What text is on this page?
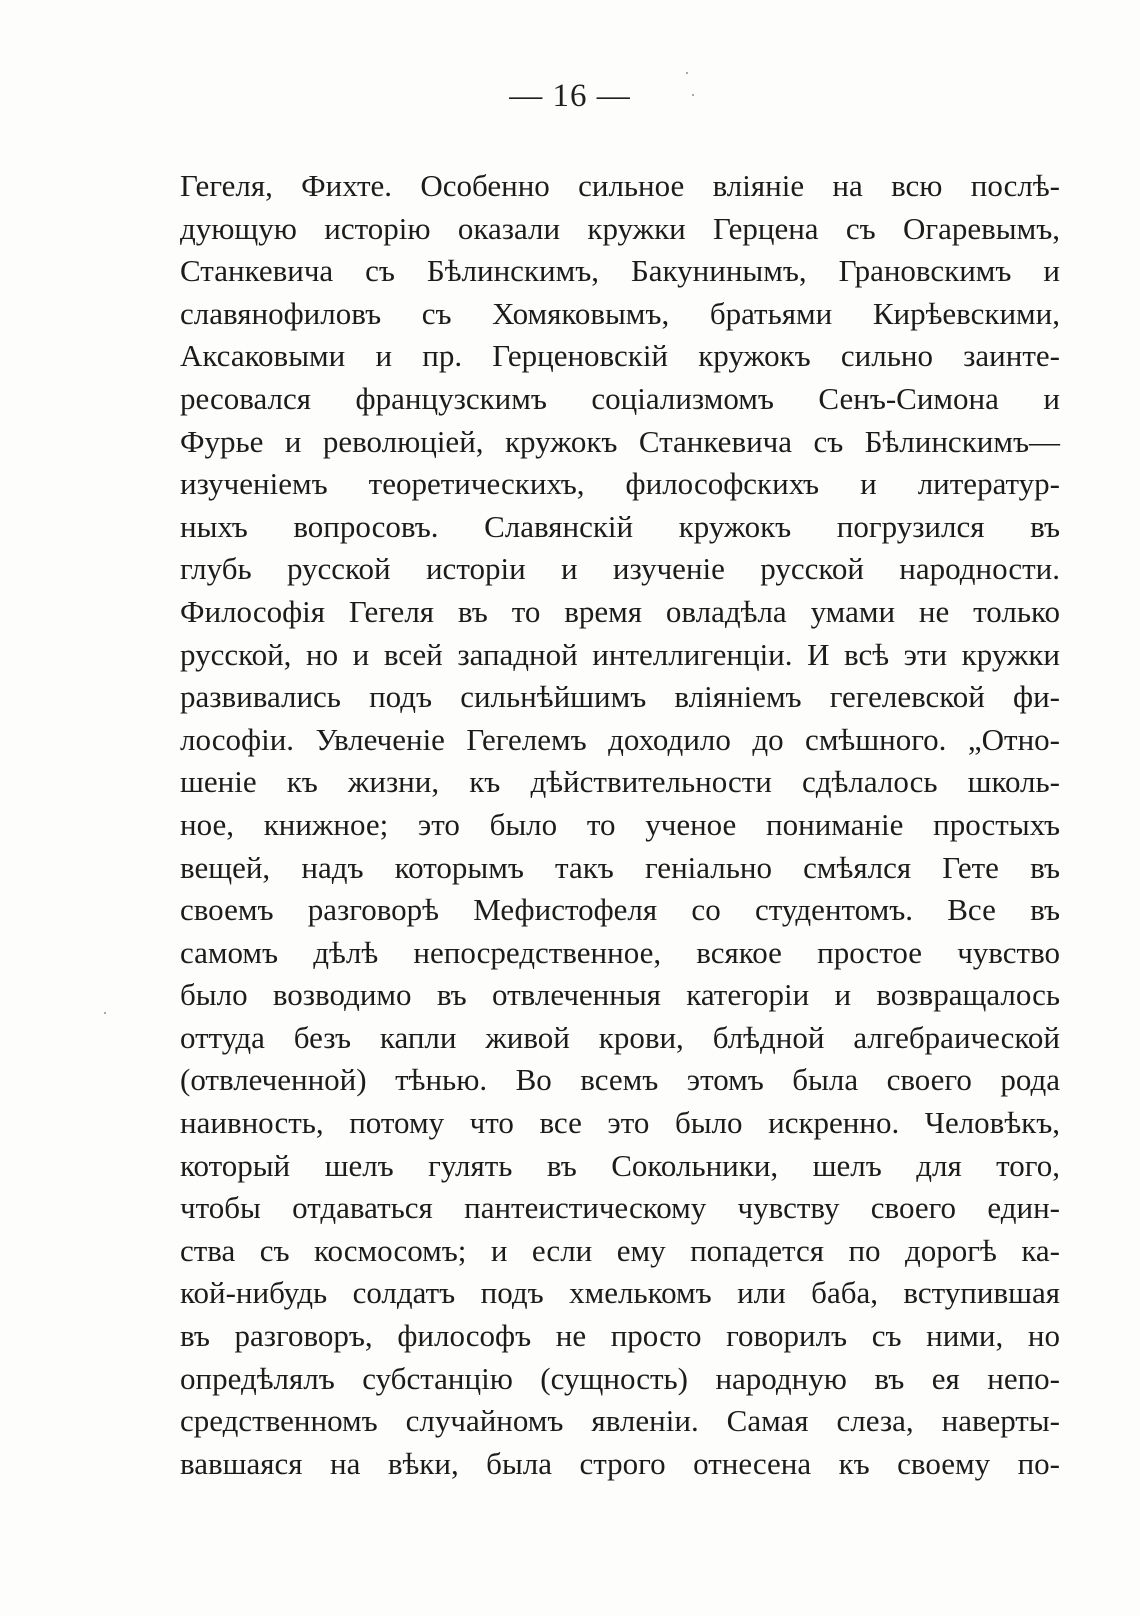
— 16 —
Гегеля, Фихте. Особенно сильное вліяніе на всю послѣ-
дующую исторію оказали кружки Герцена съ Огаревымъ,
Станкевича съ Бѣлинскимъ, Бакунинымъ, Грановскимъ и
славянофиловъ съ Хомяковымъ, братьями Кирѣевскими,
Аксаковыми и пр. Герценовскій кружокъ сильно заинте-
ресовался французскимъ соціализмомъ Сенъ-Симона и
Фурье и революціей, кружокъ Станкевича съ Бѣлинскимъ—
изученіемъ теоретическихъ, философскихъ и литератур-
ныхъ вопросовъ. Славянскій кружокъ погрузился въ
глубь русской исторіи и изученіе русской народности.
Философія Гегеля въ то время овладѣла умами не только
русской, но и всей западной интеллигенціи. И всѣ эти кружки
развивались подъ сильнѣйшимъ вліяніемъ гегелевской фи-
лософіи. Увлеченіе Гегелемъ доходило до смѣшного. „Отно-
шеніе къ жизни, къ дѣйствительности сдѣлалось школь-
ное, книжное; это было то ученое пониманіе простыхъ
вещей, надъ которымъ такъ геніально смѣялся Гете въ
своемъ разговорѣ Мефистофеля со студентомъ. Все въ
самомъ дѣлѣ непосредственное, всякое простое чувство
было возводимо въ отвлеченныя категоріи и возвращалось
оттуда безъ капли живой крови, блѣдной алгебраической
(отвлеченной) тѣнью. Во всемъ этомъ была своего рода
наивность, потому что все это было искренно. Человѣкъ,
который шелъ гулять въ Сокольники, шелъ для того,
чтобы отдаваться пантеистическому чувству своего един-
ства съ космосомъ; и если ему попадется по дорогѣ ка-
кой-нибудь солдатъ подъ хмелькомъ или баба, вступившая
въ разговоръ, философъ не просто говорилъ съ ними, но
опредѣлялъ субстанцію (сущность) народную въ ея непо-
средственномъ случайномъ явленіи. Самая слеза, наверты-
вавшаяся на вѣки, была строго отнесена къ своему по-
